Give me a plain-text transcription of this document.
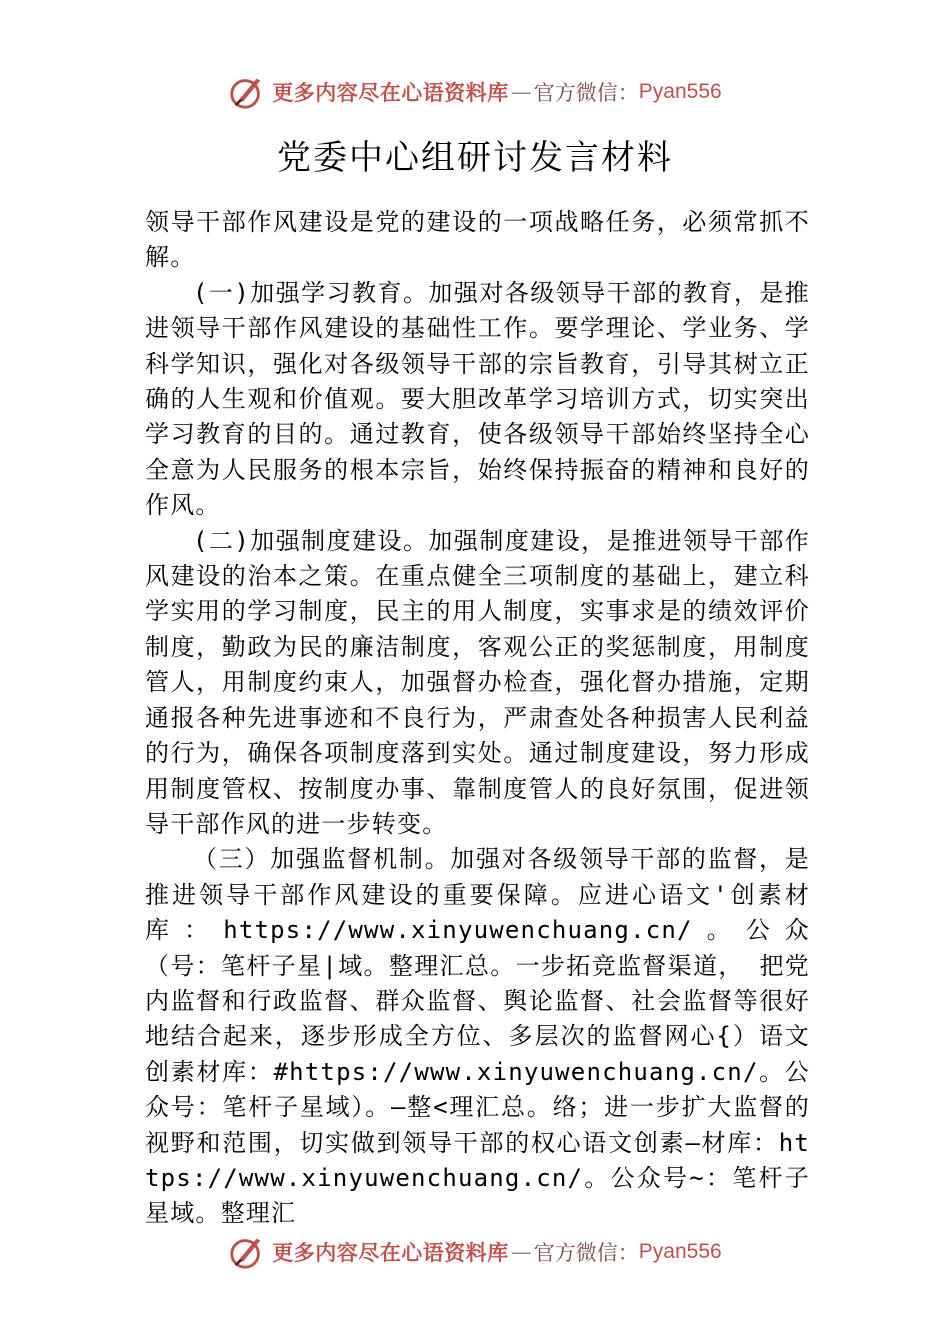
更多内容尽在心语资料库 — 官方微信： Pyan556
党委中心组研讨发言材料

领导干部作风建设是党的建设的一项战略任务，必须常抓不解。

(一)加强学习教育。加强对各级领导干部的教育，是推进领导干部作风建设的基础性工作。要学理论、学业务、学科学知识，强化对各级领导干部的宗旨教育，引导其树立正确的人生观和价值观。要大胆改革学习培训方式，切实突出学习教育的目的。通过教育，使各级领导干部始终坚持全心全意为人民服务的根本宗旨，始终保持振奋的精神和良好的作风。

(二)加强制度建设。加强制度建设，是推进领导干部作风建设的治本之策。在重点健全三项制度的基础上，建立科学实用的学习制度，民主的用人制度，实事求是的绩效评价制度，勤政为民的廉洁制度，客观公正的奖惩制度，用制度管人，用制度约束人，加强督办检查，强化督办措施，定期通报各种先进事迹和不良行为，严肃查处各种损害人民利益的行为，确保各项制度落到实处。通过制度建设，努力形成用制度管权、按制度办事、靠制度管人的良好氛围，促进领导干部作风的进一步转变。

（三）加强监督机制。加强对各级领导干部的监督，是推进领导干部作风建设的重要保障。应进心语文'创素材库：https://www.xinyuwenchuang.cn/。公众（号：笔杆子星|域。整理汇总。一步拓竞监督渠道， 把党内监督和行政监督、群众监督、舆论监督、社会监督等很好地结合起来，逐步形成全方位、多层次的监督网心{）语文创素材库：#https://www.xinyuwenchuang.cn/。公众号：笔杆子星域）。—整<理汇总。络；进一步扩大监督的视野和范围，切实做到领导干部的权心语文创素—材库：https://www.xinyuwenchuang.cn/。公众号~：笔杆子星域。整理汇

更多内容尽在心语资料库 — 官方微信： Pyan556
